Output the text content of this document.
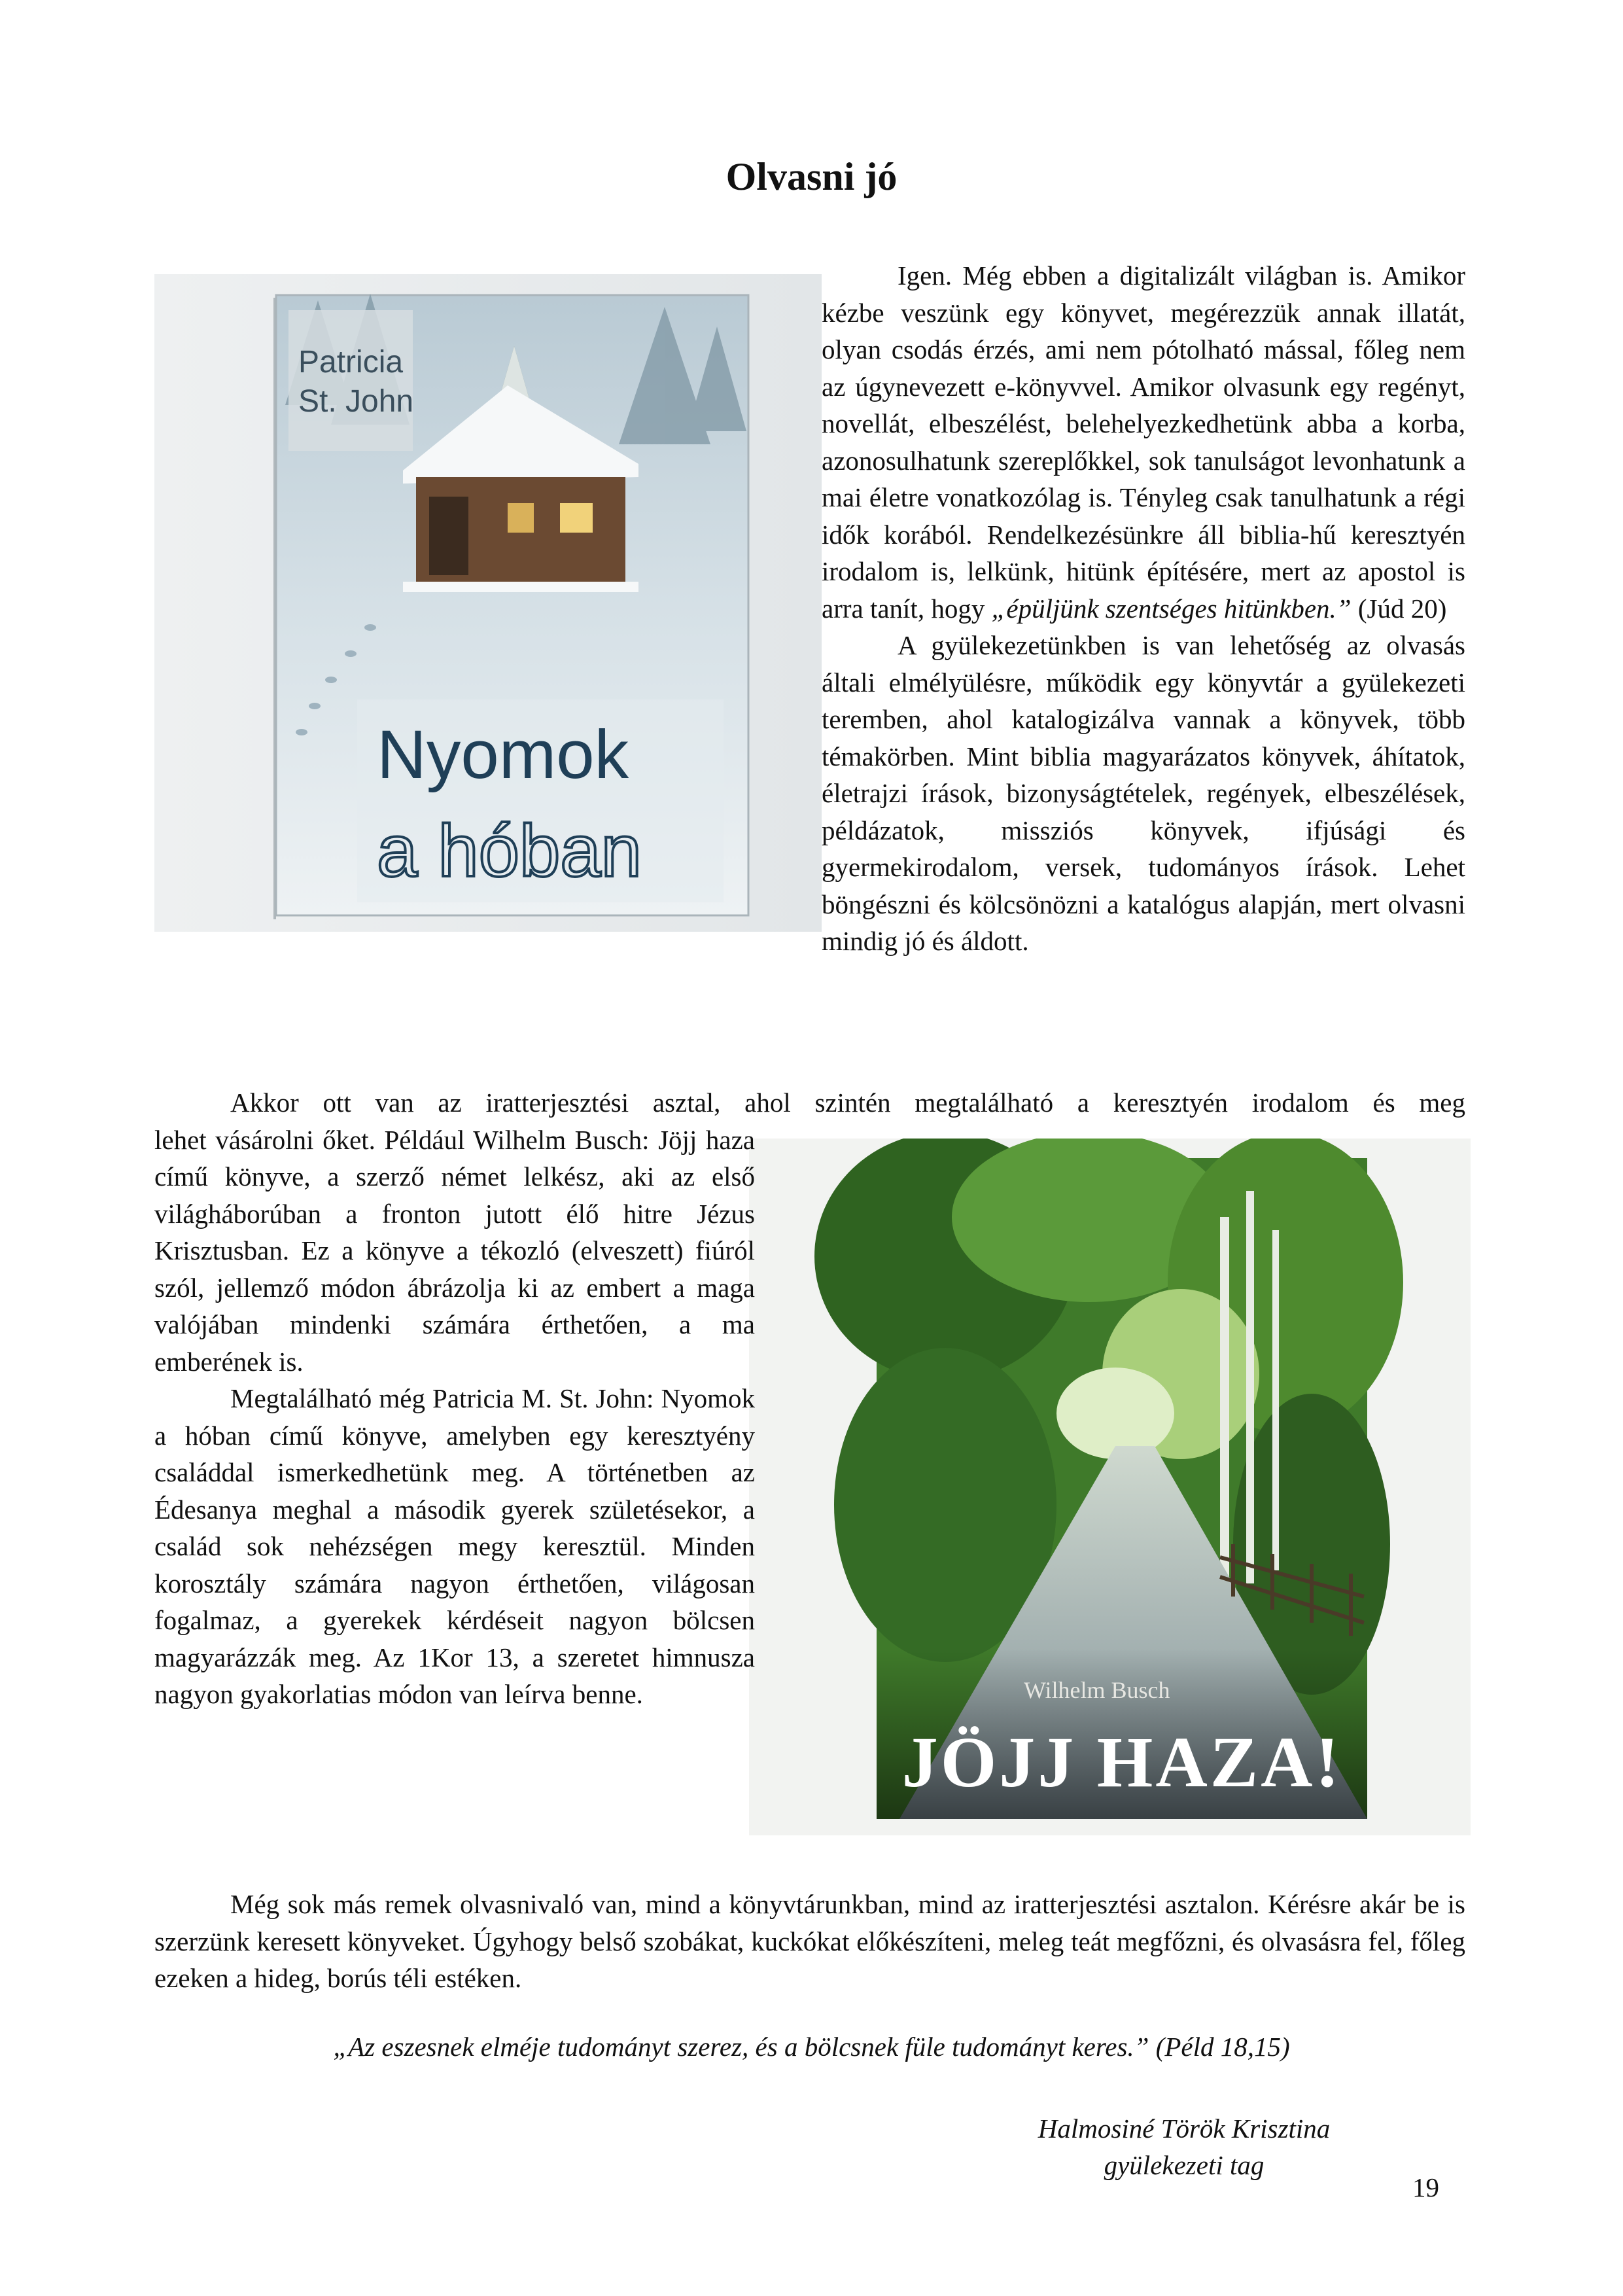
Olvasni jó
Patricia
St. John
Nyomok
a hóban
Wilhelm Busch
JÖJJ HAZA!

Igen. Még ebben a digitalizált világban is. Amikor kézbe veszünk egy könyvet, megérezzük annak illatát, olyan csodás érzés, ami nem pótolható mással, főleg nem az úgynevezett e-könyvvel. Amikor olvasunk egy regényt, novellát, elbeszélést, belehelyezkedhetünk abba a korba, azonosulhatunk szereplőkkel, sok tanulságot levonhatunk a mai életre vonatkozólag is. Tényleg csak tanulhatunk a régi idők korából. Rendelkezésünkre áll biblia-hű keresztyén irodalom is, lelkünk, hitünk építésére, mert az apostol is arra tanít, hogy „épüljünk szentséges hitünkben.” (Júd 20)

A gyülekezetünkben is van lehetőség az olvasás általi elmélyülésre, működik egy könyvtár a gyülekezeti teremben, ahol katalogizálva vannak a könyvek, több témakörben. Mint biblia magyarázatos könyvek, áhítatok, életrajzi írások, bizonyságtételek, regények, elbeszélések, példázatok, missziós könyvek, ifjúsági és gyermekirodalom, versek, tudományos írások. Lehet böngészni és kölcsönözni a katalógus alapján, mert olvasni mindig jó és áldott.

Akkor ott van az iratterjesztési asztal, ahol szintén megtalálható a keresztyén irodalom és meg

lehet vásárolni őket. Például Wilhelm Busch: Jöjj haza című könyve, a szerző német lelkész, aki az első világháborúban a fronton jutott élő hitre Jézus Krisztusban. Ez a könyve a tékozló (elveszett) fiúról szól, jellemző módon ábrázolja ki az embert a maga valójában mindenki számára érthetően, a ma emberének is.

Megtalálható még Patricia M. St. John: Nyomok a hóban című könyve, amelyben egy keresztyény családdal ismerkedhetünk meg. A történetben az Édesanya meghal a második gyerek születésekor, a család sok nehézségen megy keresztül. Minden korosztály számára nagyon érthetően, világosan fogalmaz, a gyerekek kérdéseit nagyon bölcsen magyarázzák meg. Az 1Kor 13, a szeretet himnusza nagyon gyakorlatias módon van leírva benne.

Még sok más remek olvasnivaló van, mind a könyvtárunkban, mind az iratterjesztési asztalon. Kérésre akár be is szerzünk keresett könyveket. Úgyhogy belső szobákat, kuckókat előkészíteni, meleg teát megfőzni, és olvasásra fel, főleg ezeken a hideg, borús téli estéken.

„Az eszesnek elméje tudományt szerez, és a bölcsnek füle tudományt keres.” (Péld 18,15)

Halmosiné Török Krisztina
gyülekezeti tag
19
